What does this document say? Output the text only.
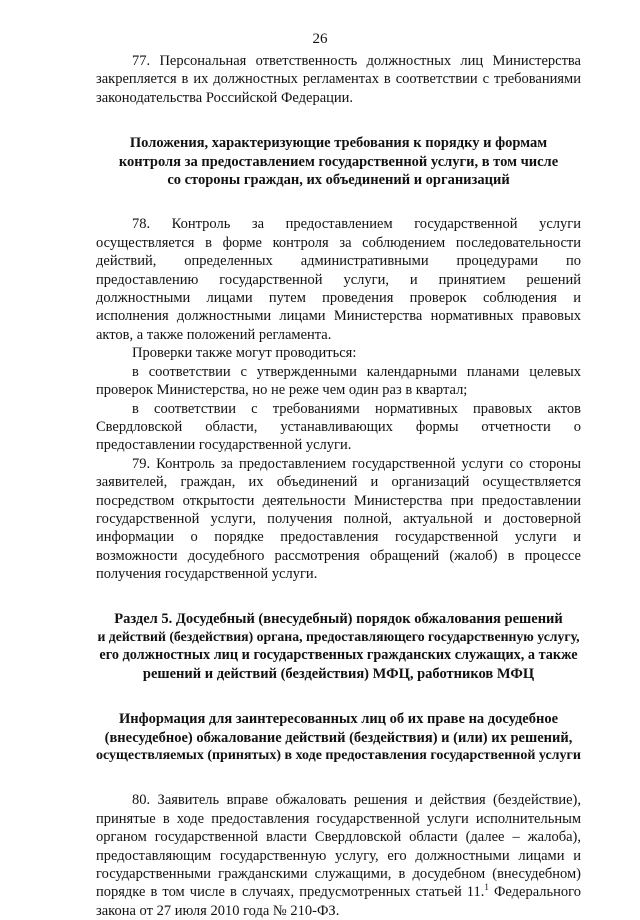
26

77. Персональная ответственность должностных лиц Министерства закрепляется в их должностных регламентах в соответствии с требованиями законодательства Российской Федерации.

Положения, характеризующие требования к порядку и формам
контроля за предоставлением государственной услуги, в том числе
со стороны граждан, их объединений и организаций

78. Контроль за предоставлением государственной услуги осуществляется в форме контроля за соблюдением последовательности действий, определенных административными процедурами по предоставлению государственной услуги, и принятием решений должностными лицами путем проведения проверок соблюдения и исполнения должностными лицами Министерства нормативных правовых актов, а также положений регламента.

Проверки также могут проводиться:

в соответствии с утвержденными календарными планами целевых проверок Министерства, но не реже чем один раз в квартал;

в соответствии с требованиями нормативных правовых актов Свердловской области, устанавливающих формы отчетности о предоставлении государственной услуги.

79. Контроль за предоставлением государственной услуги со стороны заявителей, граждан, их объединений и организаций осуществляется посредством открытости деятельности Министерства при предоставлении государственной услуги, получения полной, актуальной и достоверной информации о порядке предоставления государственной услуги и возможности досудебного рассмотрения обращений (жалоб) в процессе получения государственной услуги.

Раздел 5. Досудебный (внесудебный) порядок обжалования решений
и действий (бездействия) органа, предоставляющего государственную услугу,
его должностных лиц и государственных гражданских служащих, а также
решений и действий (бездействия) МФЦ, работников МФЦ
Информация для заинтересованных лиц об их праве на досудебное
(внесудебное) обжалование действий (бездействия) и (или) их решений,
осуществляемых (принятых) в ходе предоставления государственной услуги

80. Заявитель вправе обжаловать решения и действия (бездействие), принятые в ходе предоставления государственной услуги исполнительным органом государственной власти Свердловской области (далее – жалоба), предоставляющим государственную услугу, его должностными лицами и государственными гражданскими служащими, в досудебном (внесудебном) порядке в том числе в случаях, предусмотренных статьей 11.$^1$ Федерального закона от 27 июля 2010 года № 210-ФЗ.
